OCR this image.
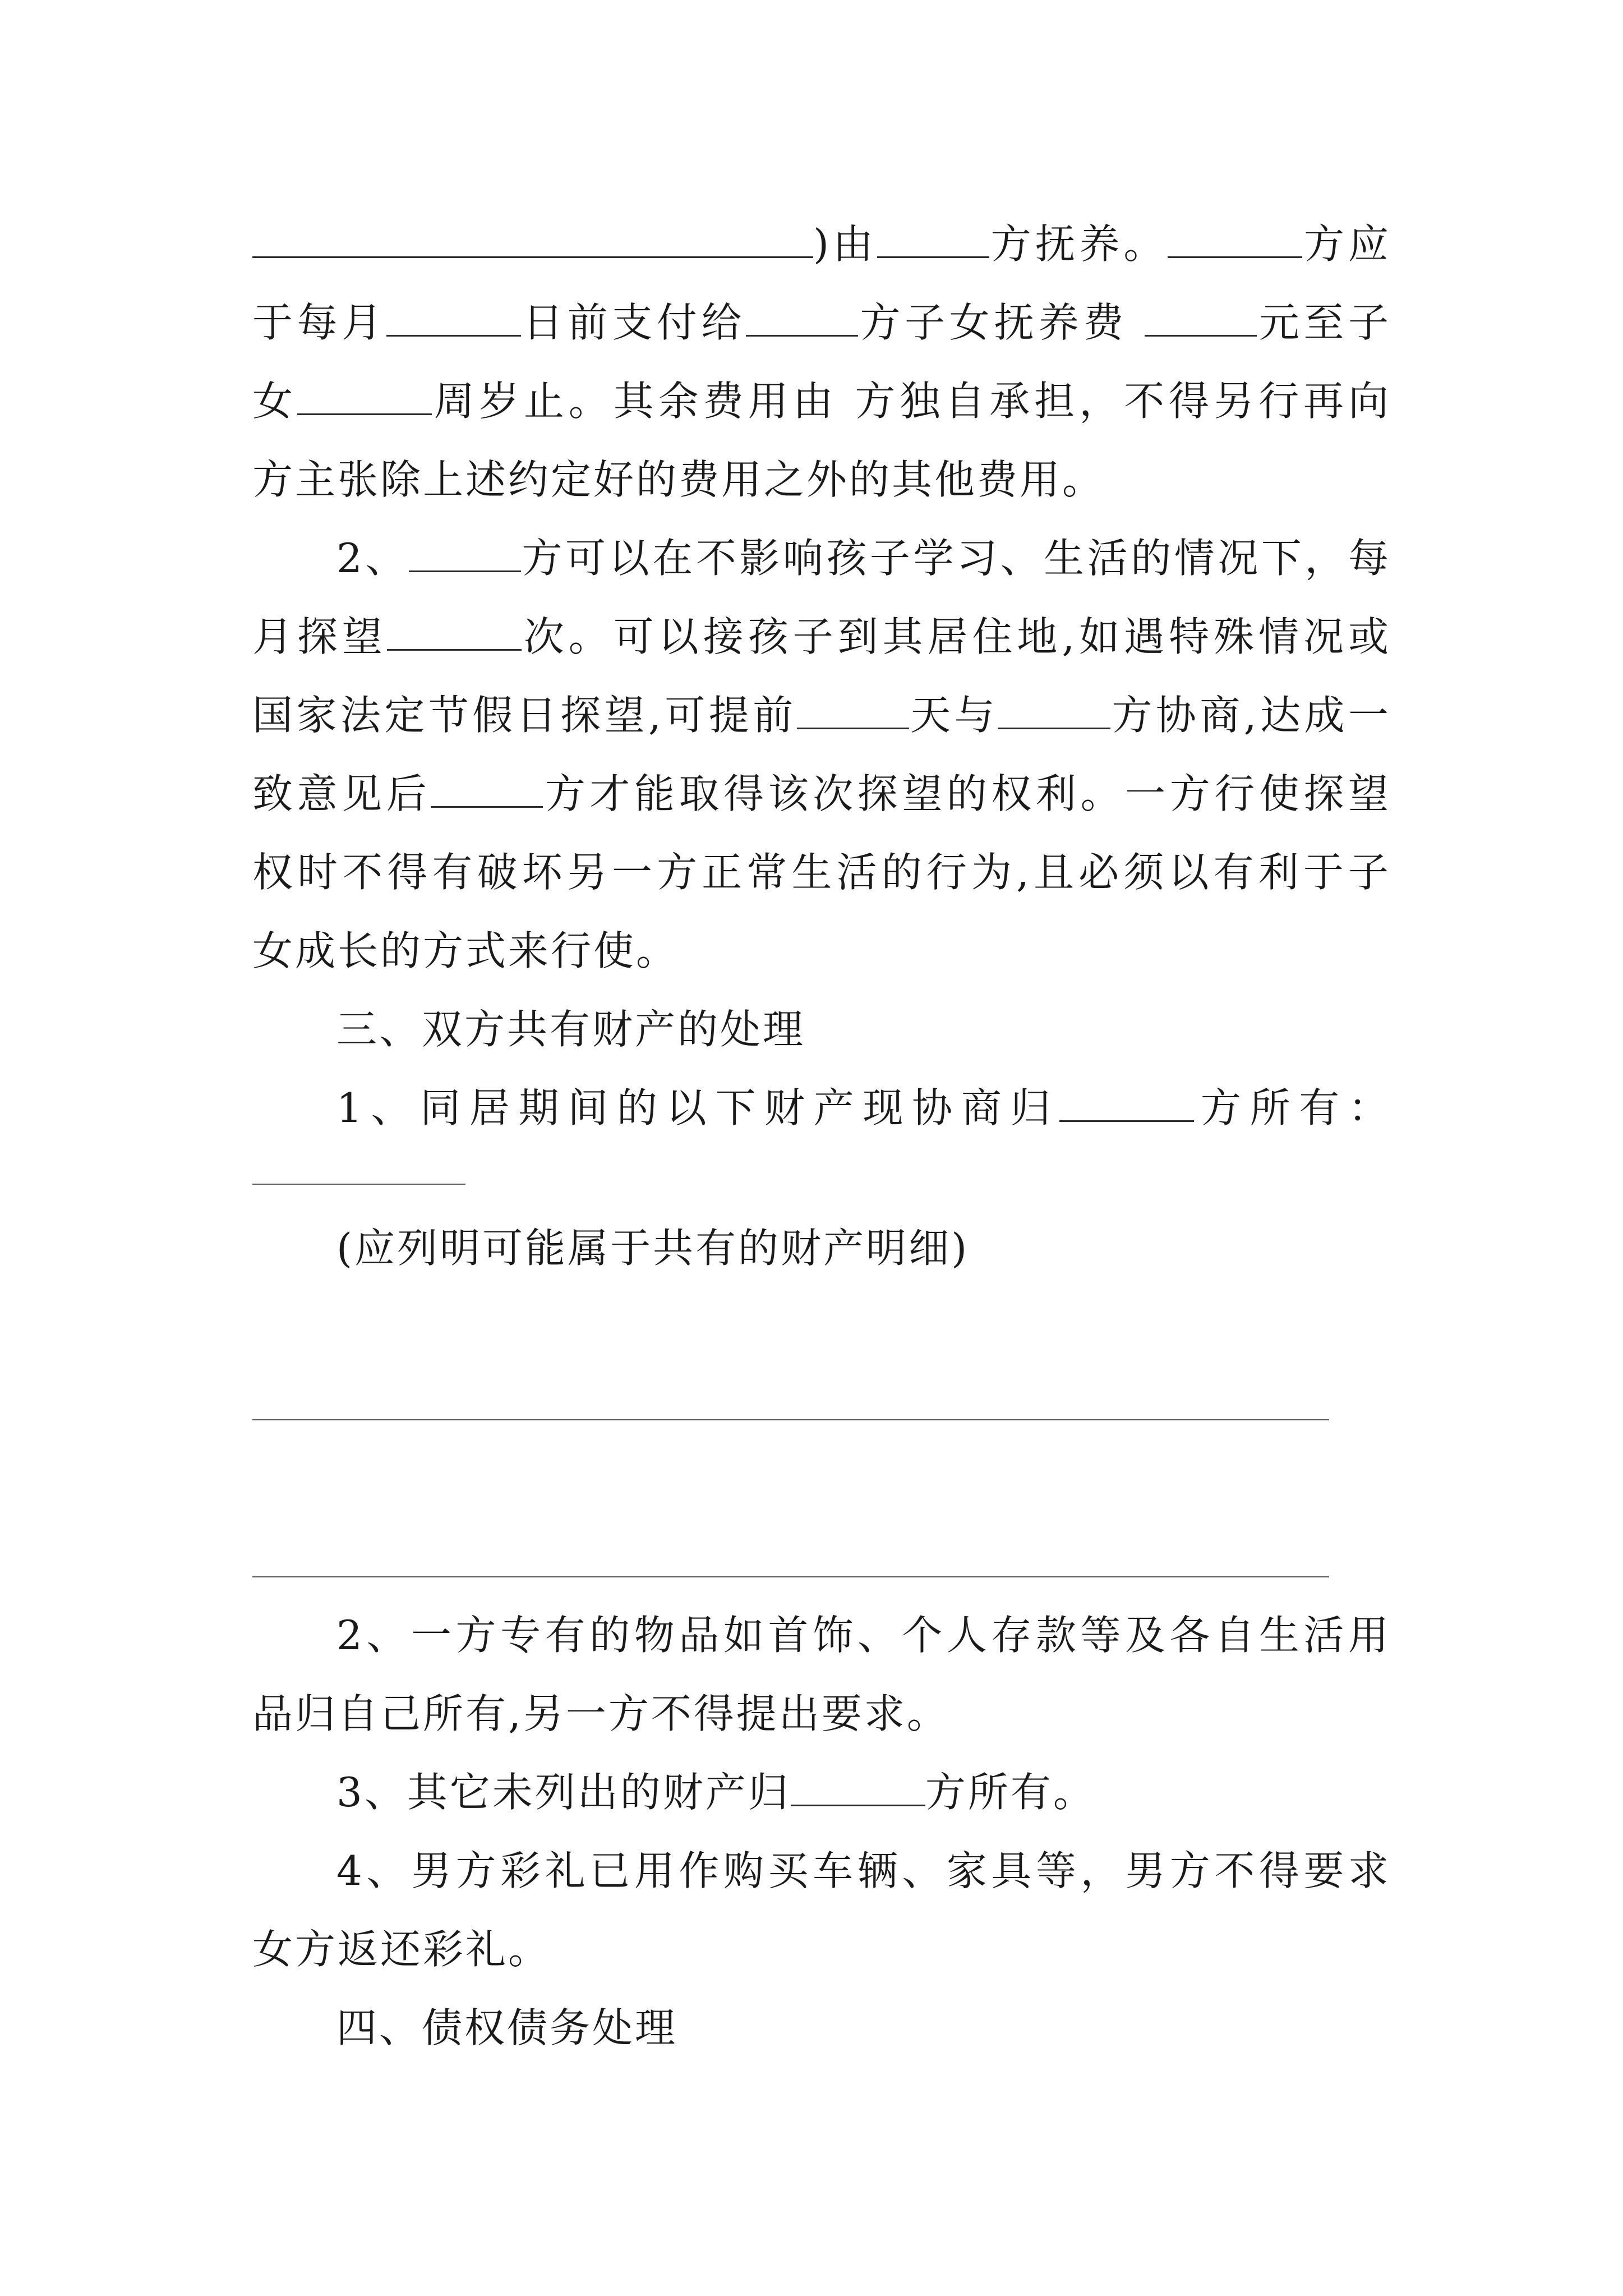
)由	方抚养。	方应
于每月	日前支付给	方子女抚养费	元至子
女	周岁止。其余费用由 方独自承担，不得另行再向
方主张除上述约定好的费用之外的其他费用。
2、	方可以在不影响孩子学习、生活的情况下，每
月探望	次。可以接孩子到其居住地,如遇特殊情况或
国家法定节假日探望,可提前	天与	方协商,达成一
致意见后	方才能取得该次探望的权利。一方行使探望
权时不得有破坏另一方正常生活的行为,且必须以有利于子
女成长的方式来行使。
三、双方共有财产的处理
1、同居期间的以下财产现协商归	方所有：
(应列明可能属于共有的财产明细)
2、一方专有的物品如首饰、个人存款等及各自生活用
品归自己所有,另一方不得提出要求。
3、其它未列出的财产归	方所有。
4、男方彩礼已用作购买车辆、家具等，男方不得要求
女方返还彩礼。
四、债权债务处理
